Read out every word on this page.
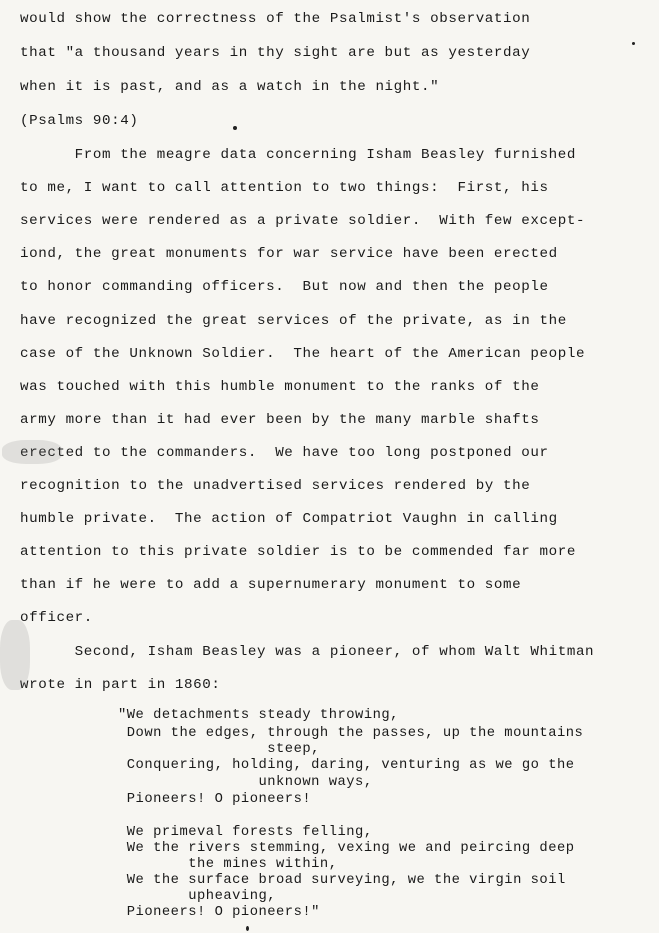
would show the correctness of the Psalmist's observation
that "a thousand years in thy sight are but as yesterday
when it is past, and as a watch in the night."
(Psalms 90:4)
From the meagre data concerning Isham Beasley furnished
to me, I want to call attention to two things:  First, his
services were rendered as a private soldier.  With few except-
iond, the great monuments for war service have been erected
to honor commanding officers.  But now and then the people
have recognized the great services of the private, as in the
case of the Unknown Soldier.  The heart of the American people
was touched with this humble monument to the ranks of the
army more than it had ever been by the many marble shafts
erected to the commanders.  We have too long postponed our
recognition to the unadvertised services rendered by the
humble private.  The action of Compatriot Vaughn in calling
attention to this private soldier is to be commended far more
than if he were to add a supernumerary monument to some
officer.
Second, Isham Beasley was a pioneer, of whom Walt Whitman
wrote in part in 1860:
"We detachments steady throwing,
Down the edges, through the passes, up the mountains
steep,
Conquering, holding, daring, venturing as we go the
unknown ways,
Pioneers! O pioneers!
We primeval forests felling,
We the rivers stemming, vexing we and peircing deep
the mines within,
We the surface broad surveying, we the virgin soil
upheaving,
Pioneers! O pioneers!"
